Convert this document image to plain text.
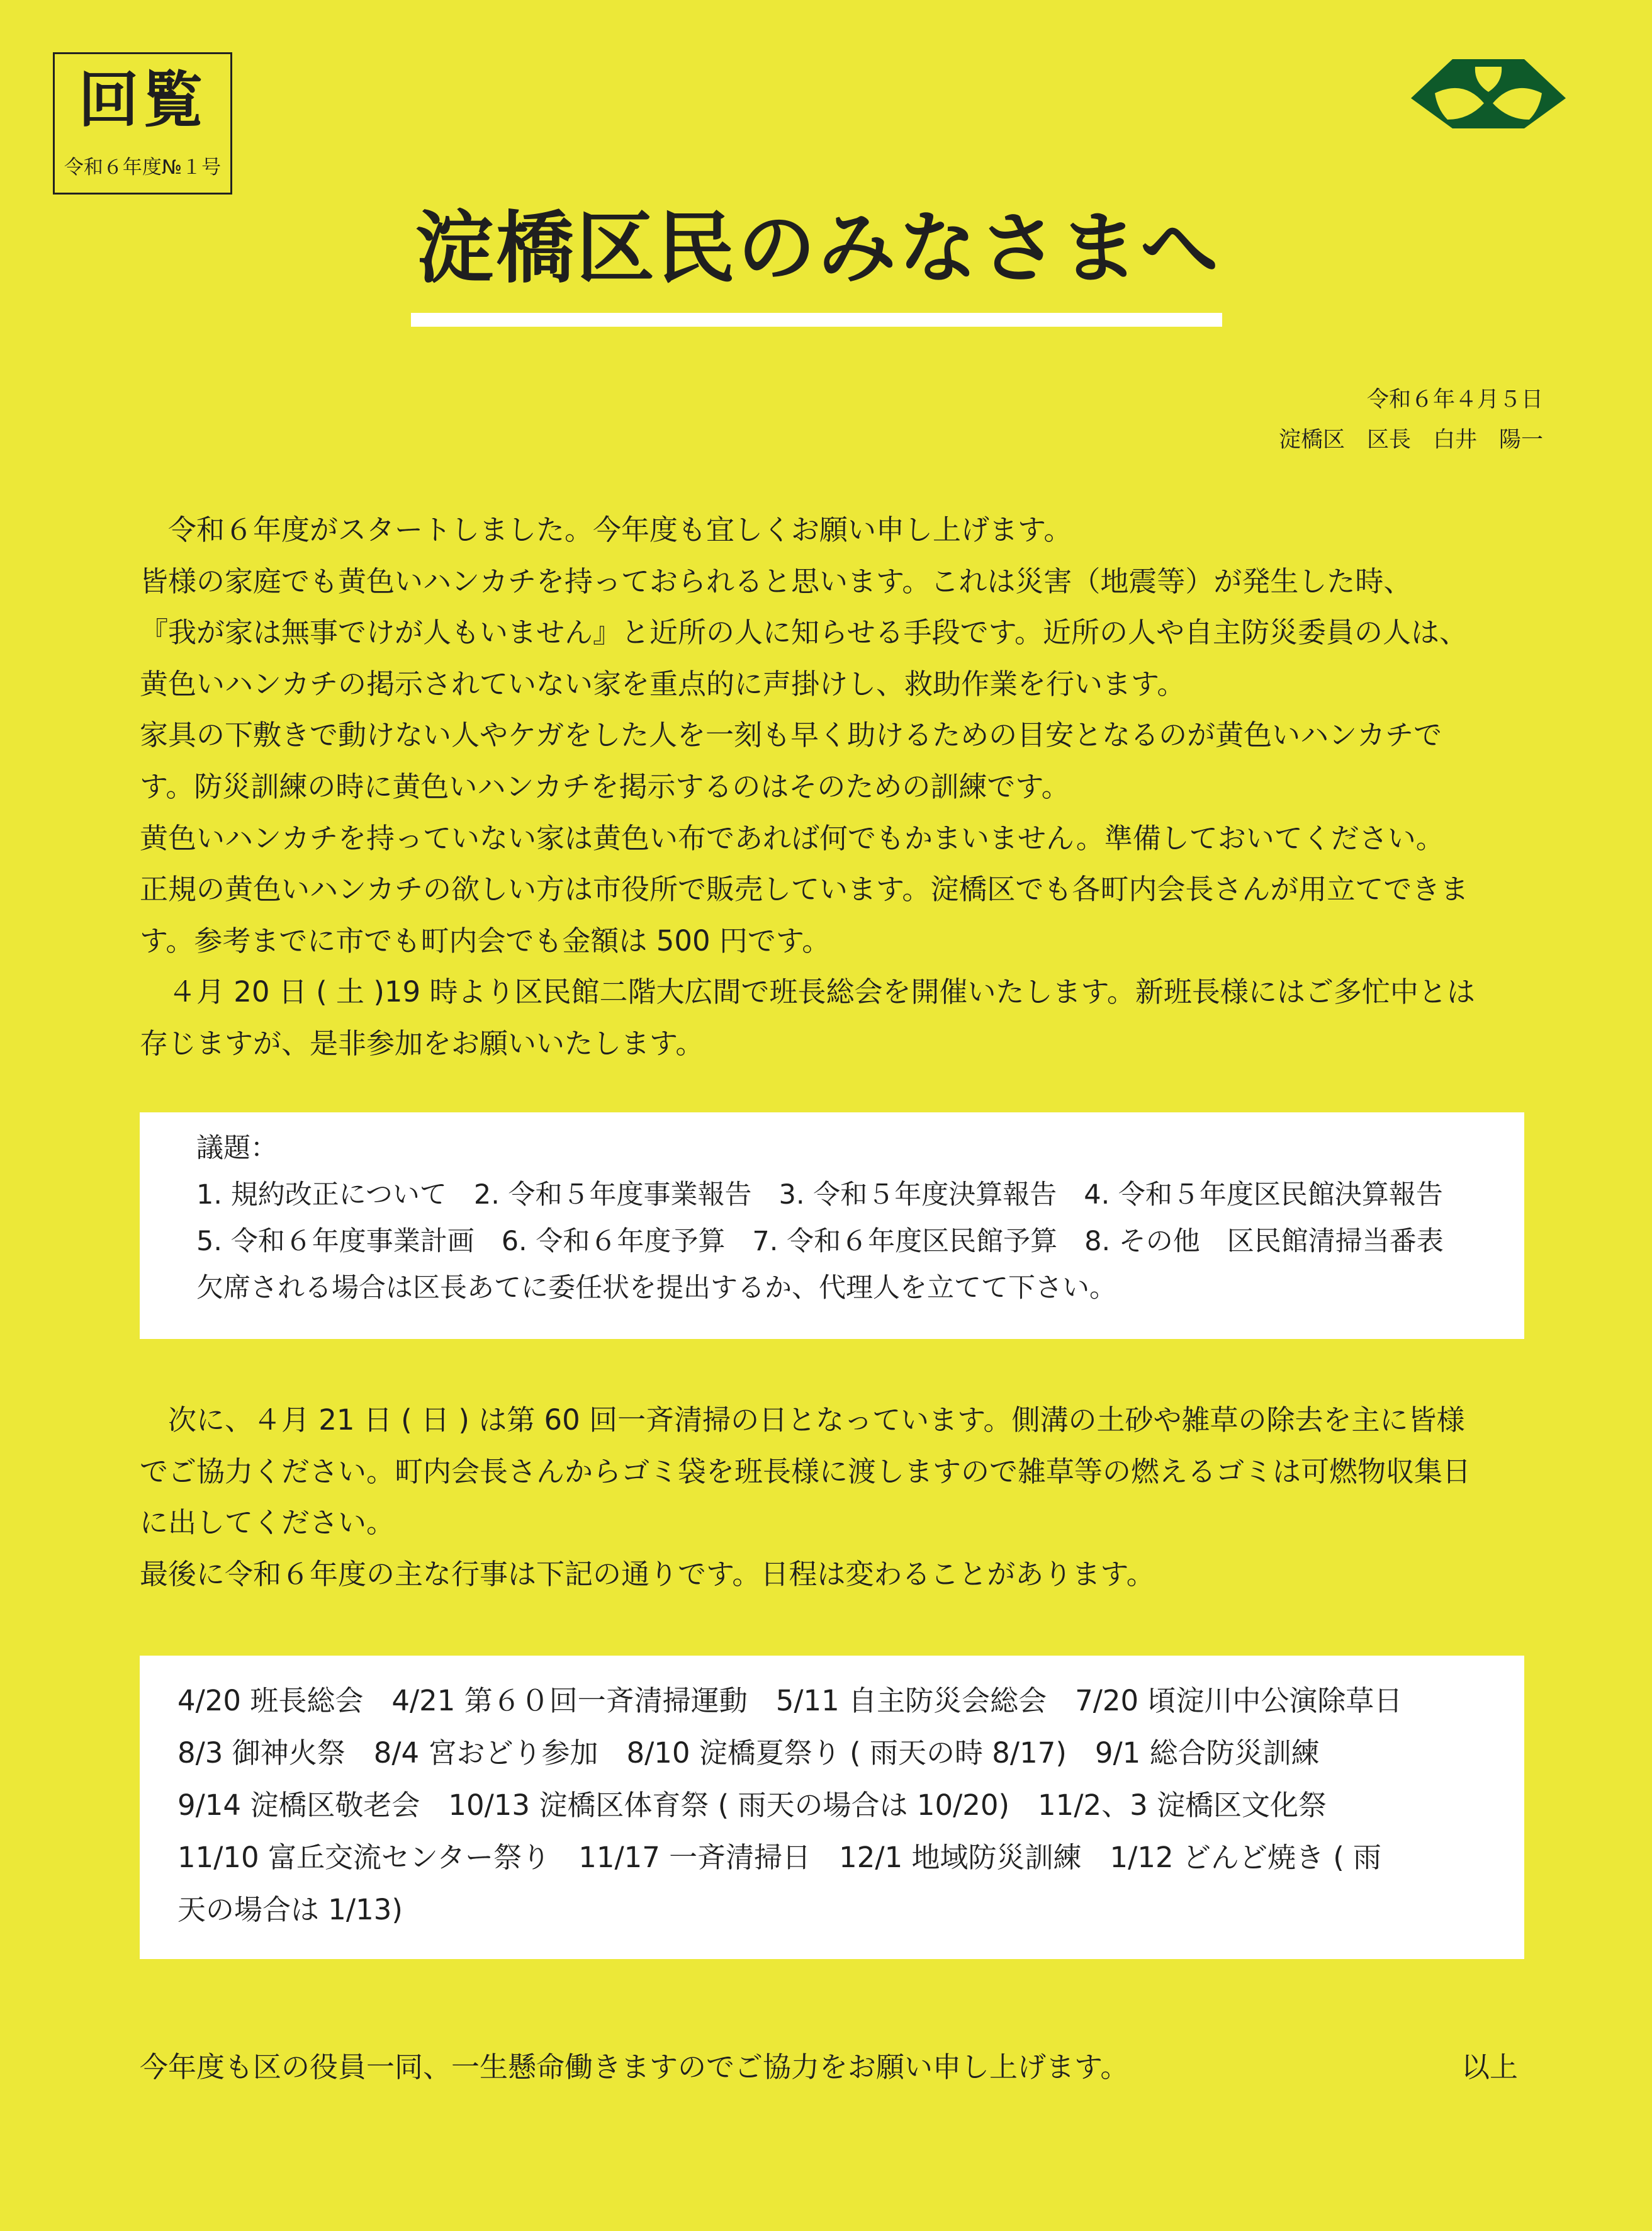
回覧
令和６年度№１号
淀橋区民のみなさまへ
令和６年４月５日
淀橋区　区長　白井　陽一
　令和６年度がスタートしました。今年度も宜しくお願い申し上げます。
皆様の家庭でも黄色いハンカチを持っておられると思います。これは災害（地震等）が発生した時、
『我が家は無事でけが人もいません』と近所の人に知らせる手段です。近所の人や自主防災委員の人は、
黄色いハンカチの掲示されていない家を重点的に声掛けし、救助作業を行います。
家具の下敷きで動けない人やケガをした人を一刻も早く助けるための目安となるのが黄色いハンカチで
す。防災訓練の時に黄色いハンカチを掲示するのはそのための訓練です。
黄色いハンカチを持っていない家は黄色い布であれば何でもかまいません。準備しておいてください。
正規の黄色いハンカチの欲しい方は市役所で販売しています。淀橋区でも各町内会長さんが用立てできま
す。参考までに市でも町内会でも金額は 500 円です。
　４月 20 日 ( 土 )19 時より区民館二階大広間で班長総会を開催いたします。新班長様にはご多忙中とは
存じますが、是非参加をお願いいたします。
議題：
1. 規約改正について　2. 令和５年度事業報告　3. 令和５年度決算報告　4. 令和５年度区民館決算報告
5. 令和６年度事業計画　6. 令和６年度予算　7. 令和６年度区民館予算　8. その他　区民館清掃当番表
欠席される場合は区長あてに委任状を提出するか、代理人を立てて下さい。
　次に、４月 21 日 ( 日 ) は第 60 回一斉清掃の日となっています。側溝の土砂や雑草の除去を主に皆様
でご協力ください。町内会長さんからゴミ袋を班長様に渡しますので雑草等の燃えるゴミは可燃物収集日
に出してください。
最後に令和６年度の主な行事は下記の通りです。日程は変わることがあります。
4/20 班長総会　4/21 第６０回一斉清掃運動　5/11 自主防災会総会　7/20 頃淀川中公演除草日
8/3 御神火祭　8/4 宮おどり参加　8/10 淀橋夏祭り ( 雨天の時 8/17)　9/1 総合防災訓練
9/14 淀橋区敬老会　10/13 淀橋区体育祭 ( 雨天の場合は 10/20)　11/2、3 淀橋区文化祭
11/10 富丘交流センター祭り　11/17 一斉清掃日　12/1 地域防災訓練　1/12 どんど焼き ( 雨
天の場合は 1/13)
今年度も区の役員一同、一生懸命働きますのでご協力をお願い申し上げます。	以上
